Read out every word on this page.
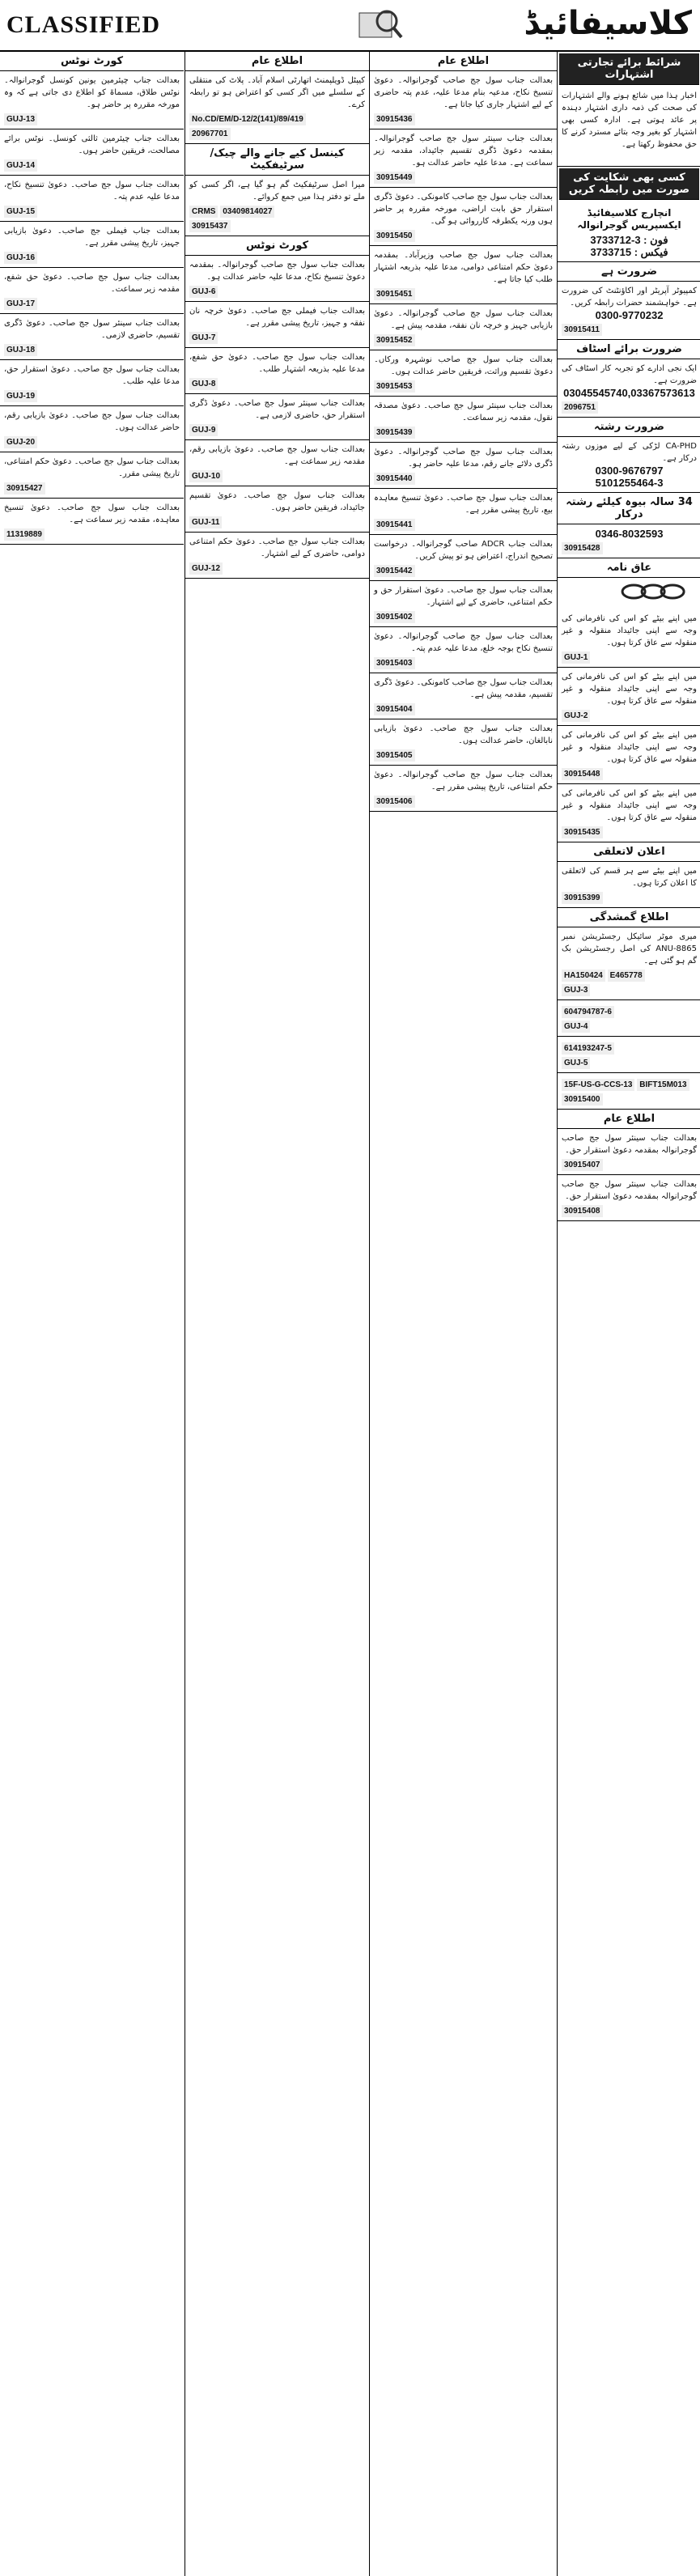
CLASSIFIED	کلاسیفائیڈ
شرائط برائے تجارتی اشتہارات
اخبار ہذا میں شائع ہونے والے اشتہارات کی صحت کی ذمہ داری اشتہار دہندہ پر عائد ہوتی ہے۔ ادارہ کسی بھی اشتہار کو بغیر وجہ بتائے مسترد کرنے کا حق محفوظ رکھتا ہے۔

کسی بھی شکایت کی صورت میں رابطہ کریں
انچارج کلاسیفائیڈ ایکسپریس گوجرانوالہ
3733712-3 : فون
3733715 : فیکس
ضرورت ہے
کمپیوٹر آپریٹر اور اکاؤنٹنٹ کی ضرورت ہے۔ خواہشمند حضرات رابطہ کریں۔
0300-9770232
30915411
ضرورت برائے اسٹاف
ایک نجی ادارے کو تجربہ کار اسٹاف کی ضرورت ہے۔
03045545740,03367573613
2096751
ضرورت رشتہ
CA-PHD لڑکی کے لیے موزوں رشتہ درکار ہے۔
0300-9676797
5101255464-3
34 سالہ بیوہ کیلئے رشتہ درکار
0346-8032593
30915428
عاق نامہ
میں اپنے بیٹے کو اس کی نافرمانی کی وجہ سے اپنی جائیداد منقولہ و غیر منقولہ سے عاق کرتا ہوں۔
GUJ-1
میں اپنے بیٹے کو اس کی نافرمانی کی وجہ سے اپنی جائیداد منقولہ و غیر منقولہ سے عاق کرتا ہوں۔
GUJ-2
میں اپنے بیٹے کو اس کی نافرمانی کی وجہ سے اپنی جائیداد منقولہ و غیر منقولہ سے عاق کرتا ہوں۔
30915448
میں اپنے بیٹے کو اس کی نافرمانی کی وجہ سے اپنی جائیداد منقولہ و غیر منقولہ سے عاق کرتا ہوں۔
30915435
اعلان لاتعلقی
میں اپنے بیٹے سے ہر قسم کی لاتعلقی کا اعلان کرتا ہوں۔
30915399
اطلاع گمشدگی
میری موٹر سائیکل رجسٹریشن نمبر ANU-8865 کی اصل رجسٹریشن بک گم ہو گئی ہے۔
HA150424 E465778
GUJ-3
604794787-6
GUJ-4
614193247-5
GUJ-5
15F-US-G-CCS-13 BIFT15M013
30915400
اطلاع عام
بعدالت جناب سینئر سول جج صاحب گوجرانوالہ بمقدمہ دعویٰ استقرار حق۔
30915407
بعدالت جناب سینئر سول جج صاحب گوجرانوالہ بمقدمہ دعویٰ استقرار حق۔
30915408
اطلاع عام
بعدالت جناب سول جج صاحب گوجرانوالہ۔ دعویٰ تنسیخ نکاح، مدعیہ بنام مدعا علیہ، عدم پتہ حاضری کے لیے اشتہار جاری کیا جاتا ہے۔
30915436
بعدالت جناب سینئر سول جج صاحب گوجرانوالہ۔ بمقدمہ دعویٰ ڈگری تقسیم جائیداد، مقدمہ زیر سماعت ہے۔ مدعا علیہ حاضر عدالت ہو۔
30915449
بعدالت جناب سول جج صاحب کامونکی۔ دعویٰ ڈگری استقرار حق بابت اراضی، مورخہ مقررہ پر حاضر ہوں ورنہ یکطرفہ کارروائی ہو گی۔
30915450
بعدالت جناب سول جج صاحب وزیرآباد۔ بمقدمہ دعویٰ حکم امتناعی دوامی، مدعا علیہ بذریعہ اشتہار طلب کیا جاتا ہے۔
30915451
بعدالت جناب سول جج صاحب گوجرانوالہ۔ دعویٰ بازیابی جہیز و خرچہ نان نفقہ، مقدمہ پیش ہے۔
30915452
بعدالت جناب سول جج صاحب نوشہرہ ورکاں۔ دعویٰ تقسیم وراثت، فریقین حاضر عدالت ہوں۔
30915453
بعدالت جناب سینئر سول جج صاحب۔ دعویٰ مصدقہ نقول، مقدمہ زیر سماعت۔
30915439
بعدالت جناب سول جج صاحب گوجرانوالہ۔ دعویٰ ڈگری دلائے جانے رقم، مدعا علیہ حاضر ہو۔
30915440
بعدالت جناب سول جج صاحب۔ دعویٰ تنسیخ معاہدہ بیع، تاریخ پیشی مقرر ہے۔
30915441
بعدالت جناب ADCR صاحب گوجرانوالہ۔ درخواست تصحیح اندراج، اعتراض ہو تو پیش کریں۔
30915442
بعدالت جناب سول جج صاحب۔ دعویٰ استقرار حق و حکم امتناعی، حاضری کے لیے اشتہار۔
30915402
بعدالت جناب سول جج صاحب گوجرانوالہ۔ دعویٰ تنسیخ نکاح بوجہ خلع، مدعا علیہ عدم پتہ۔
30915403
بعدالت جناب سول جج صاحب کامونکی۔ دعویٰ ڈگری تقسیم، مقدمہ پیش ہے۔
30915404
بعدالت جناب سول جج صاحب۔ دعویٰ بازیابی نابالغان، حاضر عدالت ہوں۔
30915405
بعدالت جناب سول جج صاحب گوجرانوالہ۔ دعویٰ حکم امتناعی، تاریخ پیشی مقرر ہے۔
30915406
اطلاع عام
کیپٹل ڈویلپمنٹ اتھارٹی اسلام آباد۔ پلاٹ کی منتقلی کے سلسلے میں اگر کسی کو اعتراض ہو تو رابطہ کرے۔
No.CD/EM/D-12/2(141)/89/419
20967701
کینسل کیے جانے والے چیک/سرٹیفکیٹ
میرا اصل سرٹیفکیٹ گم ہو گیا ہے، اگر کسی کو ملے تو دفتر ہذا میں جمع کروائے۔
CRMS 03409814027
30915437
کورٹ نوٹس
بعدالت جناب سول جج صاحب گوجرانوالہ۔ بمقدمہ دعویٰ تنسیخ نکاح، مدعا علیہ حاضر عدالت ہو۔
GUJ-6
بعدالت جناب فیملی جج صاحب۔ دعویٰ خرچہ نان نفقہ و جہیز، تاریخ پیشی مقرر ہے۔
GUJ-7
بعدالت جناب سول جج صاحب۔ دعویٰ حق شفع، مدعا علیہ بذریعہ اشتہار طلب۔
GUJ-8
بعدالت جناب سینئر سول جج صاحب۔ دعویٰ ڈگری استقرار حق، حاضری لازمی ہے۔
GUJ-9
بعدالت جناب سول جج صاحب۔ دعویٰ بازیابی رقم، مقدمہ زیر سماعت ہے۔
GUJ-10
بعدالت جناب سول جج صاحب۔ دعویٰ تقسیم جائیداد، فریقین حاضر ہوں۔
GUJ-11
بعدالت جناب سول جج صاحب۔ دعویٰ حکم امتناعی دوامی، حاضری کے لیے اشتہار۔
GUJ-12
کورٹ نوٹس
بعدالت جناب چیئرمین یونین کونسل گوجرانوالہ۔ نوٹس طلاق، مسماۃ کو اطلاع دی جاتی ہے کہ وہ مورخہ مقررہ پر حاضر ہو۔
GUJ-13
بعدالت جناب چیئرمین ثالثی کونسل۔ نوٹس برائے مصالحت، فریقین حاضر ہوں۔
GUJ-14
بعدالت جناب سول جج صاحب۔ دعویٰ تنسیخ نکاح، مدعا علیہ عدم پتہ۔
GUJ-15
بعدالت جناب فیملی جج صاحب۔ دعویٰ بازیابی جہیز، تاریخ پیشی مقرر ہے۔
GUJ-16
بعدالت جناب سول جج صاحب۔ دعویٰ حق شفع، مقدمہ زیر سماعت۔
GUJ-17
بعدالت جناب سینئر سول جج صاحب۔ دعویٰ ڈگری تقسیم، حاضری لازمی۔
GUJ-18
بعدالت جناب سول جج صاحب۔ دعویٰ استقرار حق، مدعا علیہ طلب۔
GUJ-19
بعدالت جناب سول جج صاحب۔ دعویٰ بازیابی رقم، حاضر عدالت ہوں۔
GUJ-20
بعدالت جناب سول جج صاحب۔ دعویٰ حکم امتناعی، تاریخ پیشی مقرر۔
30915427
بعدالت جناب سول جج صاحب۔ دعویٰ تنسیخ معاہدہ، مقدمہ زیر سماعت ہے۔
11319889
